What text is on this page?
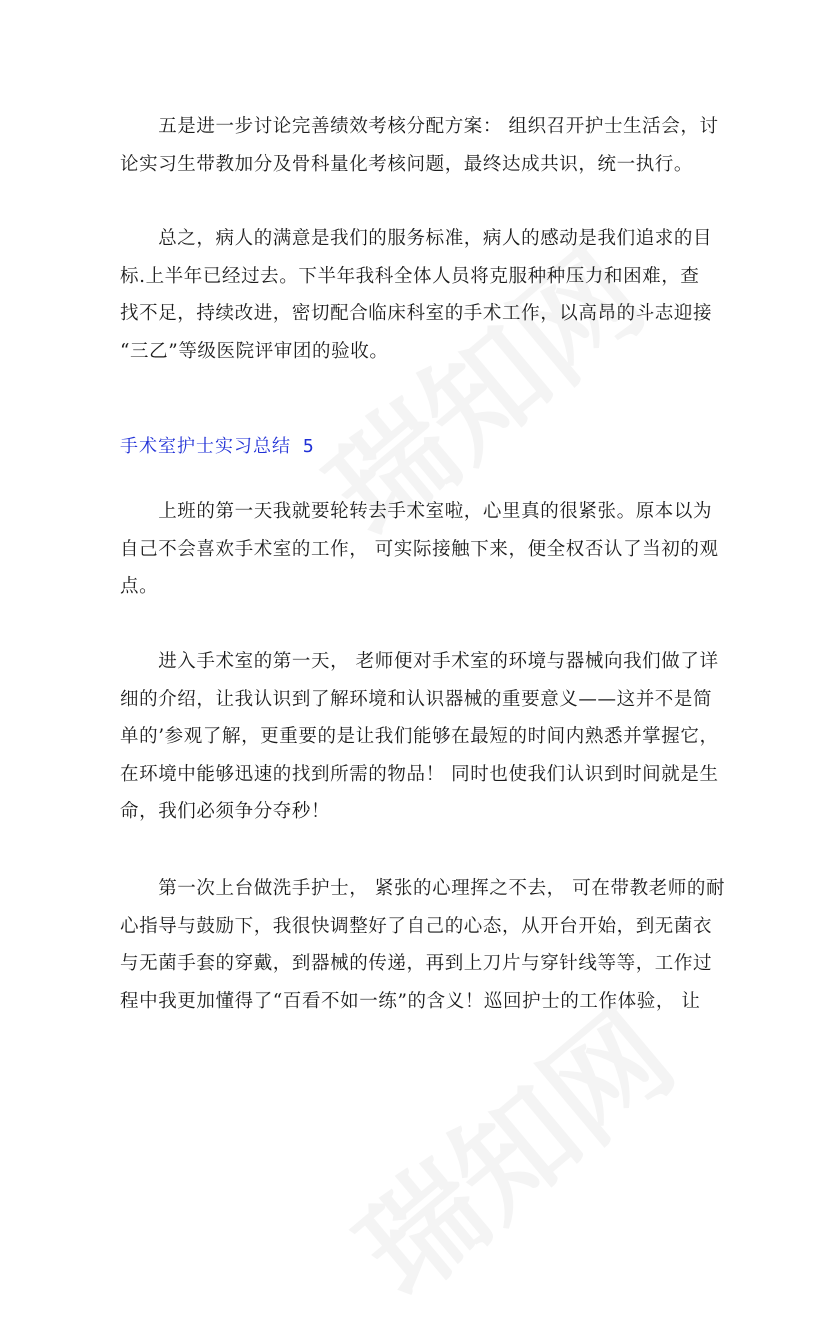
　　五是进一步讨论完善绩效考核分配方案： 组织召开护士生活会，讨
论实习生带教加分及骨科量化考核问题，最终达成共识，统一执行。

　　总之，病人的满意是我们的服务标准，病人的感动是我们追求的目
标.上半年已经过去。下半年我科全体人员将克服种种压力和困难，查
找不足，持续改进，密切配合临床科室的手术工作，以高昂的斗志迎接
“三乙”等级医院评审团的验收。

手术室护士实习总结 5

　　上班的第一天我就要轮转去手术室啦，心里真的很紧张。原本以为
自己不会喜欢手术室的工作， 可实际接触下来，便全权否认了当初的观
点。

　　进入手术室的第一天， 老师便对手术室的环境与器械向我们做了详
细的介绍，让我认识到了解环境和认识器械的重要意义——这并不是简
单的’参观了解，更重要的是让我们能够在最短的时间内熟悉并掌握它，
在环境中能够迅速的找到所需的物品！ 同时也使我们认识到时间就是生
命，我们必须争分夺秒！

　　第一次上台做洗手护士， 紧张的心理挥之不去， 可在带教老师的耐
心指导与鼓励下，我很快调整好了自己的心态，从开台开始，到无菌衣
与无菌手套的穿戴，到器械的传递，再到上刀片与穿针线等等，工作过
程中我更加懂得了“百看不如一练”的含义！巡回护士的工作体验， 让
